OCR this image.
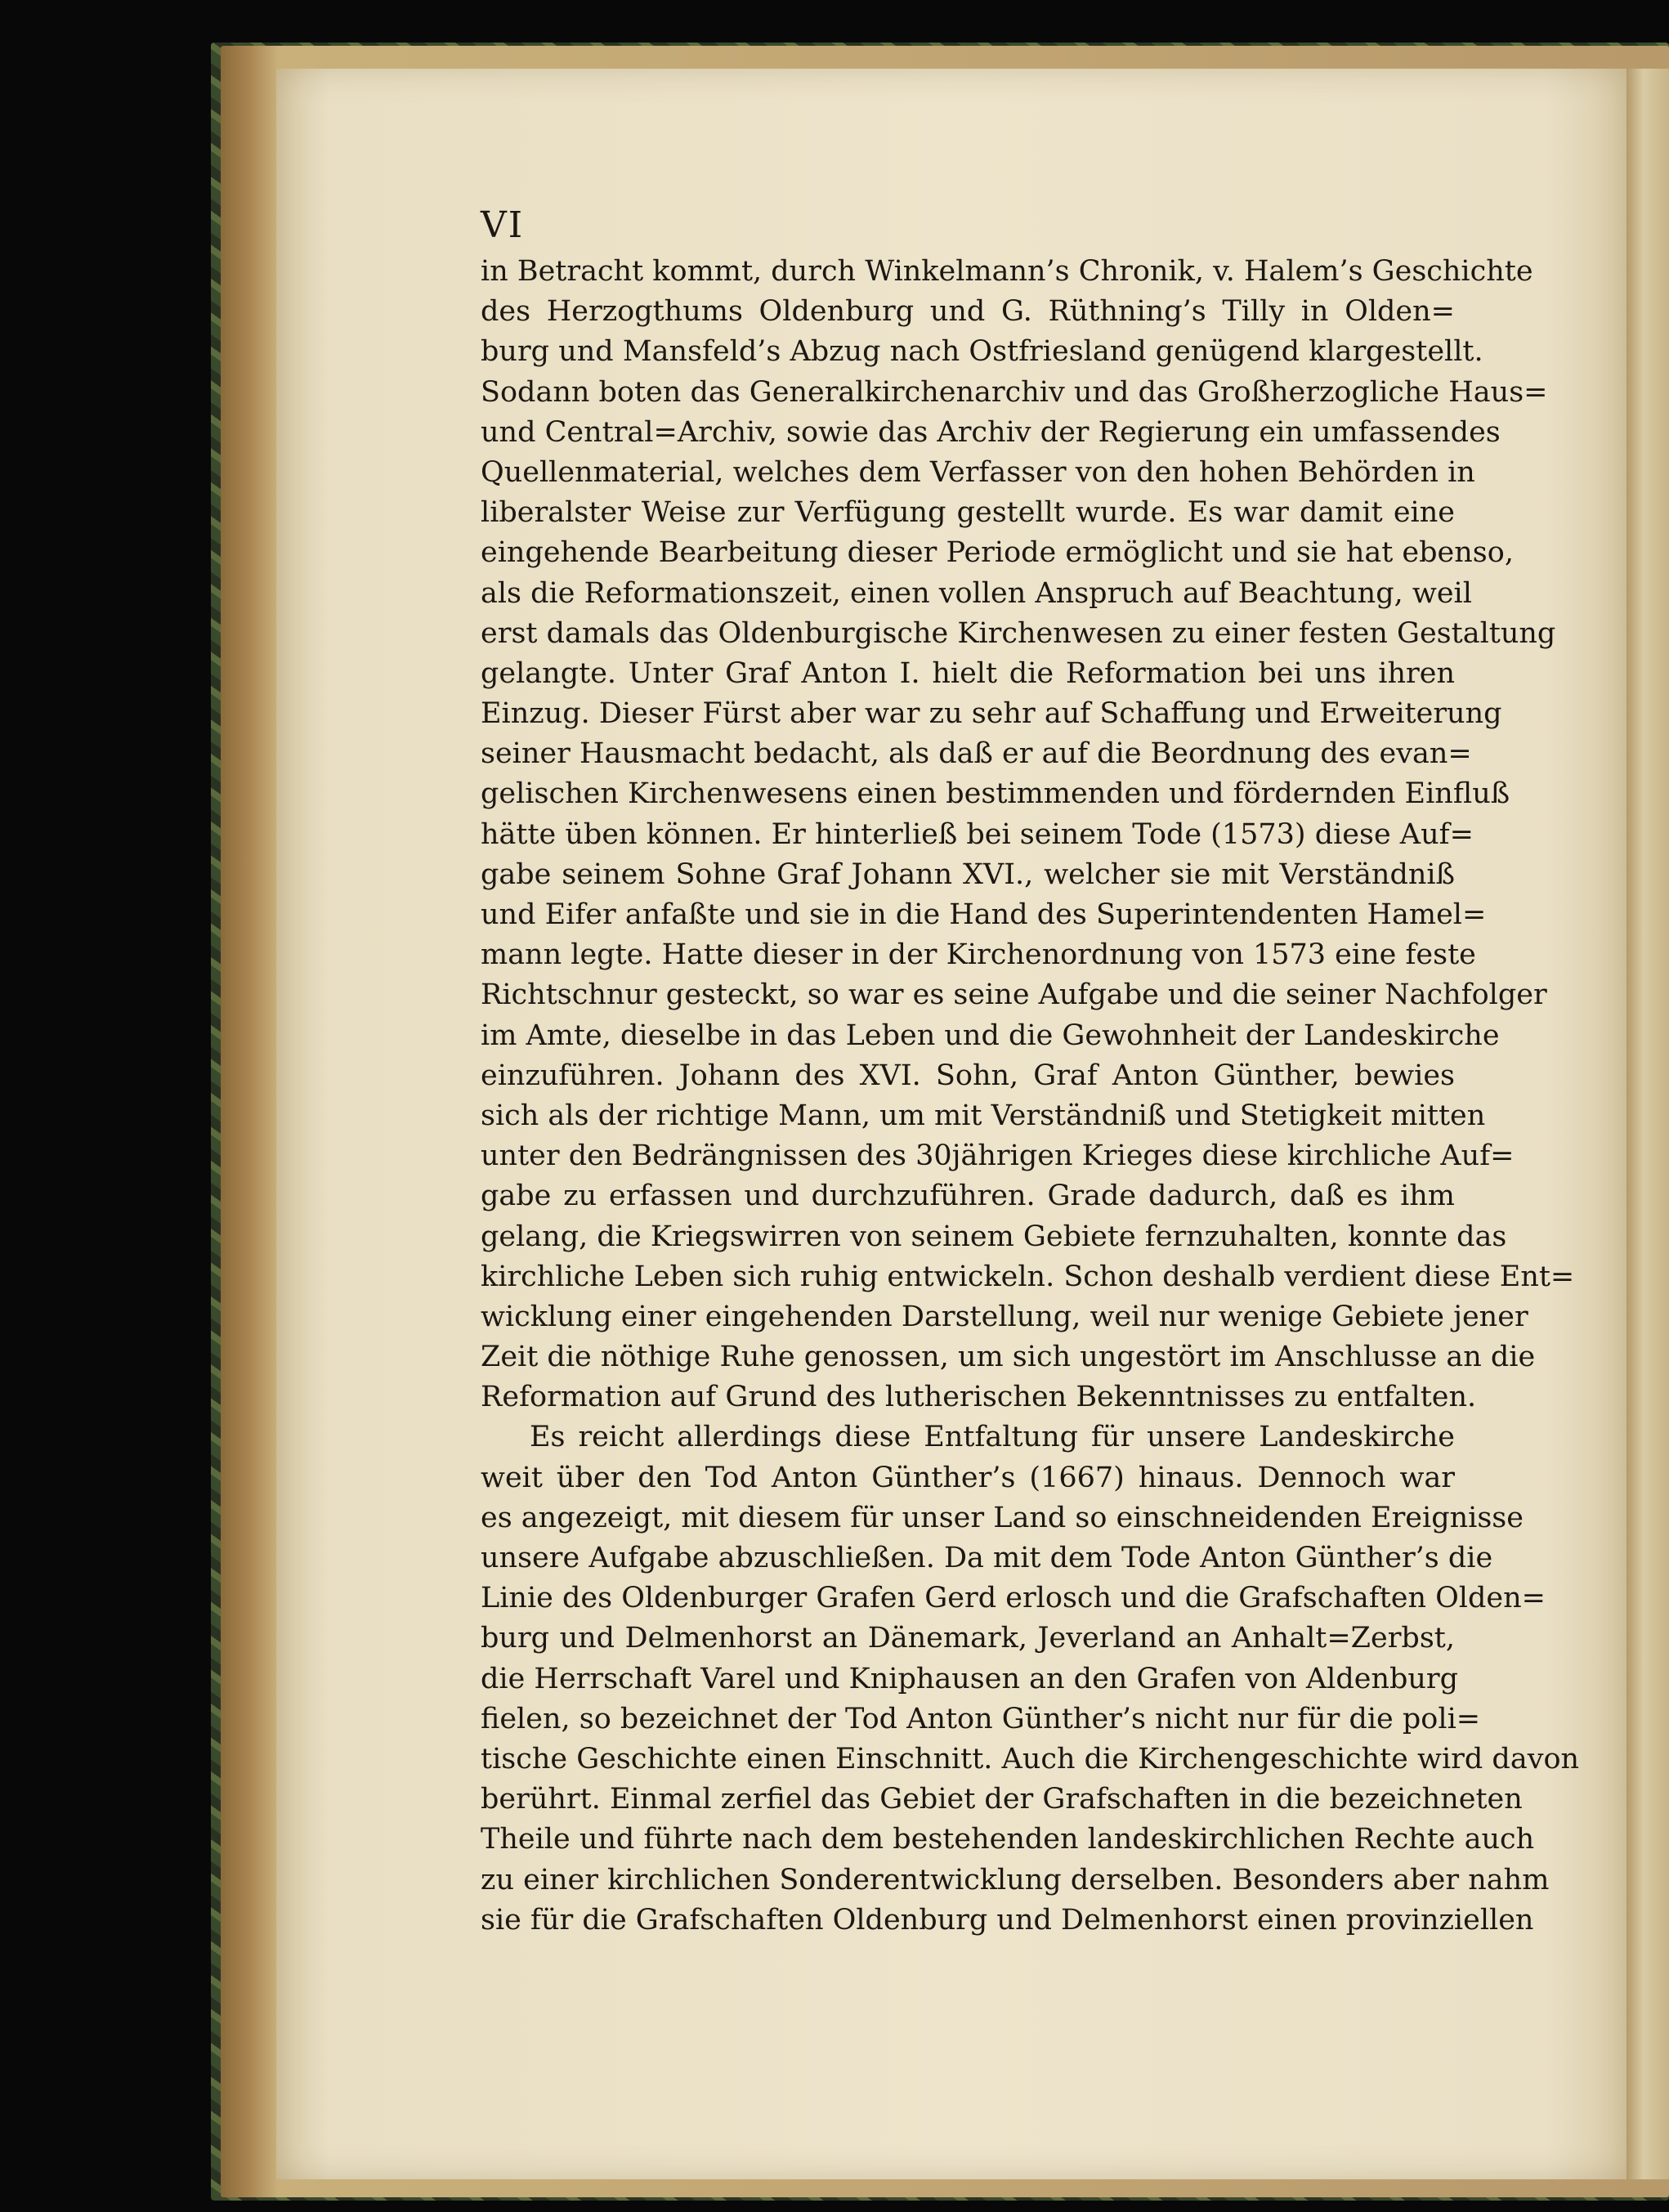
VI
in Betracht kommt, durch Winkelmann’s Chronik, v. Halem’s Geschichte
des Herzogthums Oldenburg und G. Rüthning’s Tilly in Olden=
burg und Mansfeld’s Abzug nach Ostfriesland genügend klargestellt.
Sodann boten das Generalkirchenarchiv und das Großherzogliche Haus=
und Central=Archiv, sowie das Archiv der Regierung ein umfassendes
Quellenmaterial, welches dem Verfasser von den hohen Behörden in
liberalster Weise zur Verfügung gestellt wurde. Es war damit eine
eingehende Bearbeitung dieser Periode ermöglicht und sie hat ebenso,
als die Reformationszeit, einen vollen Anspruch auf Beachtung, weil
erst damals das Oldenburgische Kirchenwesen zu einer festen Gestaltung
gelangte. Unter Graf Anton I. hielt die Reformation bei uns ihren
Einzug. Dieser Fürst aber war zu sehr auf Schaffung und Erweiterung
seiner Hausmacht bedacht, als daß er auf die Beordnung des evan=
gelischen Kirchenwesens einen bestimmenden und fördernden Einfluß
hätte üben können. Er hinterließ bei seinem Tode (1573) diese Auf=
gabe seinem Sohne Graf Johann XVI., welcher sie mit Verständniß
und Eifer anfaßte und sie in die Hand des Superintendenten Hamel=
mann legte. Hatte dieser in der Kirchenordnung von 1573 eine feste
Richtschnur gesteckt, so war es seine Aufgabe und die seiner Nachfolger
im Amte, dieselbe in das Leben und die Gewohnheit der Landeskirche
einzuführen. Johann des XVI. Sohn, Graf Anton Günther, bewies
sich als der richtige Mann, um mit Verständniß und Stetigkeit mitten
unter den Bedrängnissen des 30jährigen Krieges diese kirchliche Auf=
gabe zu erfassen und durchzuführen. Grade dadurch, daß es ihm
gelang, die Kriegswirren von seinem Gebiete fernzuhalten, konnte das
kirchliche Leben sich ruhig entwickeln. Schon deshalb verdient diese Ent=
wicklung einer eingehenden Darstellung, weil nur wenige Gebiete jener
Zeit die nöthige Ruhe genossen, um sich ungestört im Anschlusse an die
Reformation auf Grund des lutherischen Bekenntnisses zu entfalten.
Es reicht allerdings diese Entfaltung für unsere Landeskirche
weit über den Tod Anton Günther’s (1667) hinaus. Dennoch war
es angezeigt, mit diesem für unser Land so einschneidenden Ereignisse
unsere Aufgabe abzuschließen. Da mit dem Tode Anton Günther’s die
Linie des Oldenburger Grafen Gerd erlosch und die Grafschaften Olden=
burg und Delmenhorst an Dänemark, Jeverland an Anhalt=Zerbst,
die Herrschaft Varel und Kniphausen an den Grafen von Aldenburg
fielen, so bezeichnet der Tod Anton Günther’s nicht nur für die poli=
tische Geschichte einen Einschnitt. Auch die Kirchengeschichte wird davon
berührt. Einmal zerfiel das Gebiet der Grafschaften in die bezeichneten
Theile und führte nach dem bestehenden landeskirchlichen Rechte auch
zu einer kirchlichen Sonderentwicklung derselben. Besonders aber nahm
sie für die Grafschaften Oldenburg und Delmenhorst einen provinziellen
